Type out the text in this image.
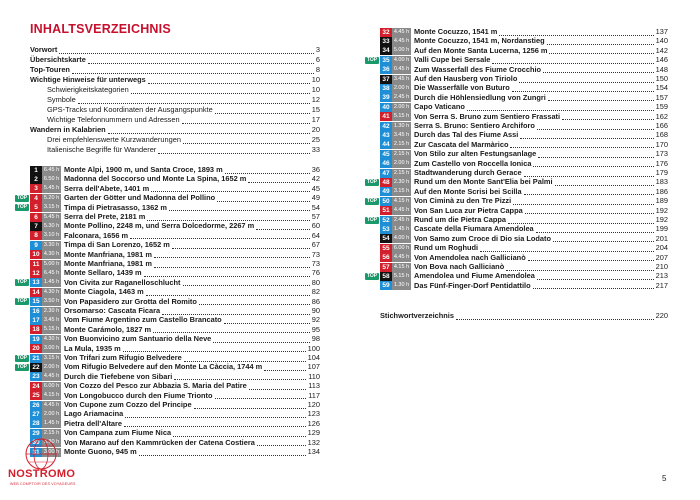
INHALTSVERZEICHNIS
Vorwort	3
Übersichtskarte	6
Top-Touren	8
Wichtige Hinweise für unterwegs	10
Schwierigkeitskategorien	10
Symbole	12
GPS-Tracks und Koordinaten der Ausgangspunkte	15
Wichtige Telefonnummern und Adressen	17
Wandern in Kalabrien	20
Drei empfehlenswerte Kurzwanderungen	25
Italienische Begriffe für Wanderer	33
1	6.45 h Monte Alpi, 1900 m, und Santa Croce, 1893 m	36
2	6.50 h Madonna del Soccorso und Monte La Spina, 1652 m	42
3	5.45 h Serra dell'Abete, 1401 m	45
TOP	4	5.20 h Garten der Götter und Madonna del Pollino	49
TOP	5	3.15 h Timpa di Pietrasasso, 1362 m	54
6	5.45 h Serra del Prete, 2181 m	57
7	5.30 h Monte Pollino, 2248 m, und Serra Dolcedorme, 2267 m	60
8	3.10 h Falconara, 1656 m	64
9	3.30 h Timpa di San Lorenzo, 1652 m	67
10 4.30 h Monte Manfriana, 1981 m	73
11 5.00 h Monte Manfriana, 1981 m	73
12 6.45 h Monte Sellaro, 1439 m	76
TOP 13 1.45 h Von Civita zur Raganelloschlucht	80
14 4.30 h Monte Ciagola, 1463 m	82
TOP 15 3.50 h Von Papasidero zur Grotta del Romito	86
16 2.30 h Orsomarso: Cascata Ficara	90
17 3.45 h Vom Fiume Argentino zum Castello Brancato	92
18 5.15 h Monte Carámolo, 1827 m	95
19 4.30 h Von Buonvicino zum Santuario della Neve	98
20 3.00 h La Mula, 1935 m	100
TOP 21 3.15 h Von Trifari zum Rifugio Belvedere	104
TOP 22 2.00 h Vom Rifugio Belvedere auf den Monte La Càccia, 1744 m	107
23 4.45 h Durch die Tiefebene von Sibari	110
24 6.00 h Von Cozzo del Pesco zur Abbazia S. Maria del Patire	113
25 4.15 h Von Longobucco durch den Fiume Trionto	117
26 4.45 h Von Cupone zum Cozzo del Principe	120
27 2.00 h Lago Ariamacina	123
28 1.45 h Pietra dell'Altare	126
29 2.15 h Von Campana zum Fiume Nica	129
30 3.30 h Von Marano auf den Kammrücken der Catena Costiera	132
31 3.00 h Monte Guono, 945 m	134
32 4.45 h Monte Cocuzzo, 1541 m	137
33 4.45 h Monte Cocuzzo, 1541 m, Nordanstieg	140
34 5.00 h Auf den Monte Santa Lucerna, 1256 m	142
TOP 35 4.00 h Valli Cupe bei Sersale	146
36 0.45 h Zum Wasserfall des Fiume Crocchio	148
37 3.45 h Auf den Hausberg von Tiriolo	150
38 2.00 h Die Wasserfälle von Buturo	154
39 2.45 h Durch die Höhlensiedlung von Zungri	157
40 2.00 h Capo Vaticano	159
41 5.15 h Von Serra S. Bruno zum Sentiero Frassati	162
42 1.30 h Serra S. Bruno: Sentiero Archiforo	166
43 3.45 h Durch das Tal des Fiume Assi	168
44 2.15 h Zur Cascata del Marmàrico	170
45 2.15 h Von Stilo zur alten Festungsanlage	173
46 2.00 h Zum Castello von Roccella Ionica	176
47 2.15 h Stadtwanderung durch Gerace	179
TOP 48 2.30 h Rund um den Monte Sant'Elia bei Palmi	183
49 3.15 h Auf den Monte Scrisi bei Scilla	186
TOP 50 4.15 h Von Ciminà zu den Tre Pizzi	189
51 4.45 h Von San Luca zur Pietra Cappa	192
TOP 52 2.45 h Rund um die Pietra Cappa	192
53 1.45 h Cascate della Fiumara Amendolea	199
54 4.00 h Von Samo zum Croce di Dio sia Lodato	201
55 6.00 h Rund um Roghudi	204
56 4.45 h Von Amendolea nach Gallicianò	207
57 4.15 h Von Bova nach Gallicianò	210
TOP 58 5.15 h Amendolea und Fiume Amendolea	213
59 1.30 h Das Fünf-Finger-Dorf Pentidattilo	217
Stichwortverzeichnis	220
5
NOSTROMO
WEB COMPTOIR DES VOYAGEURS
